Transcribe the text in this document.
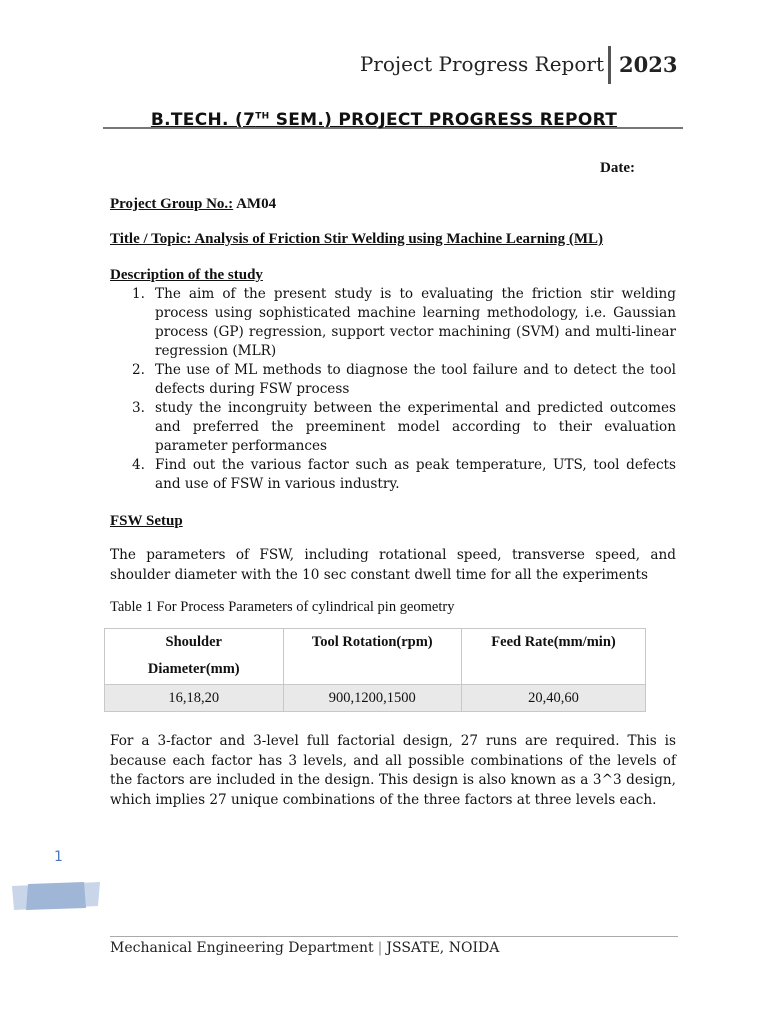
Project Progress Report 2023
B.TECH. (7TH SEM.) PROJECT PROGRESS REPORT
Date:
Project Group No.: AM04
Title / Topic: Analysis of Friction Stir Welding using Machine Learning (ML)
Description of the study
1. The aim of the present study is to evaluating the friction stir welding process using sophisticated machine learning methodology, i.e. Gaussian process (GP) regression, support vector machining (SVM) and multi-linear regression (MLR)
2. The use of ML methods to diagnose the tool failure and to detect the tool defects during FSW process
3. study the incongruity between the experimental and predicted outcomes and preferred the preeminent model according to their evaluation parameter performances
4. Find out the various factor such as peak temperature, UTS, tool defects and use of FSW in various industry.
FSW Setup

The parameters of FSW, including rotational speed, transverse speed, and shoulder diameter with the 10 sec constant dwell time for all the experiments

Table 1 For Process Parameters of cylindrical pin geometry
Shoulder
Diameter(mm)	Tool Rotation(rpm)	Feed Rate(mm/min)
16,18,20	900,1200,1500	20,40,60

For a 3-factor and 3-level full factorial design, 27 runs are required. This is because each factor has 3 levels, and all possible combinations of the levels of the factors are included in the design. This design is also known as a 3^3 design, which implies 27 unique combinations of the three factors at three levels each.

1
Mechanical Engineering Department | JSSATE, NOIDA
